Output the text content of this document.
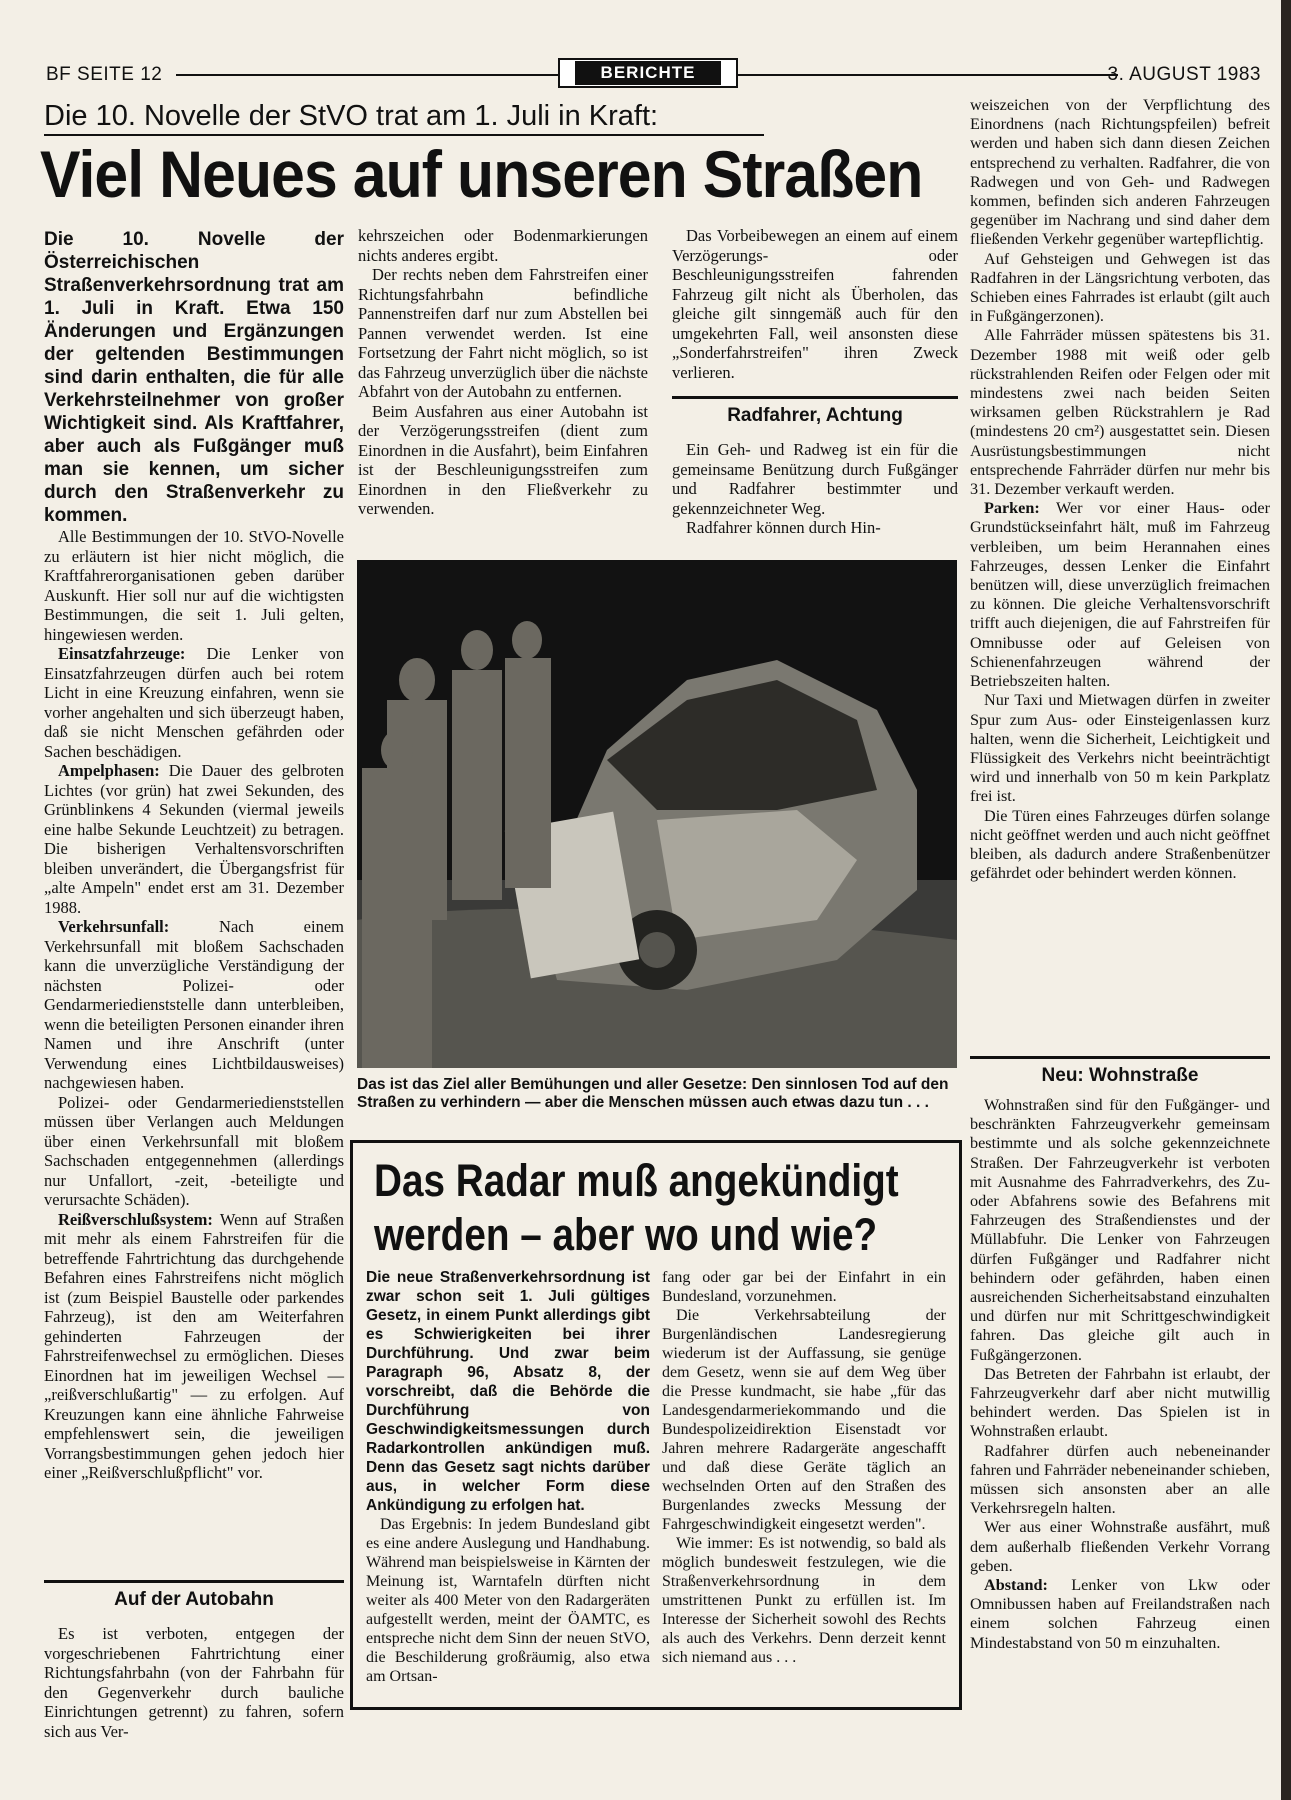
BF SEITE 12	BERICHTE	3. AUGUST 1983
Die 10. Novelle der StVO trat am 1. Juli in Kraft:
Viel Neues auf unseren Straßen
Die 10. Novelle der Österreichischen Straßenverkehrsordnung trat am 1. Juli in Kraft. Etwa 150 Änderungen und Ergänzungen der geltenden Bestimmungen sind darin enthalten, die für alle Verkehrsteilnehmer von großer Wichtigkeit sind. Als Kraftfahrer, aber auch als Fußgänger muß man sie kennen, um sicher durch den Straßenverkehr zu kommen.

Alle Bestimmungen der 10. StVO-Novelle zu erläutern ist hier nicht möglich, die Kraftfahrerorganisationen geben darüber Auskunft. Hier soll nur auf die wichtigsten Bestimmungen, die seit 1. Juli gelten, hingewiesen werden.

Einsatzfahrzeuge: Die Lenker von Einsatzfahrzeugen dürfen auch bei rotem Licht in eine Kreuzung einfahren, wenn sie vorher angehalten und sich überzeugt haben, daß sie nicht Menschen gefährden oder Sachen beschädigen.

Ampelphasen: Die Dauer des gelbroten Lichtes (vor grün) hat zwei Sekunden, des Grünblinkens 4 Sekunden (viermal jeweils eine halbe Sekunde Leuchtzeit) zu betragen. Die bisherigen Verhaltensvorschriften bleiben unverändert, die Übergangsfrist für „alte Ampeln" endet erst am 31. Dezember 1988.

Verkehrsunfall:	Nach einem Verkehrsunfall mit bloßem Sachschaden kann die unverzügliche Verständigung der nächsten Polizei- oder Gendarmeriedienststelle dann unterbleiben, wenn die beteiligten Personen einander ihren Namen und ihre Anschrift (unter Verwendung eines Lichtbildausweises) nachgewiesen haben.

Polizei- oder Gendarmeriedienststellen müssen über Verlangen auch Meldungen über einen Verkehrsunfall mit bloßem Sachschaden entgegennehmen (allerdings nur Unfallort, -zeit, -beteiligte und verursachte Schäden).

Reißverschlußsystem: Wenn auf Straßen mit mehr als einem Fahrstreifen für die betreffende Fahrtrichtung das durchgehende Befahren eines Fahrstreifens nicht möglich ist (zum Beispiel Baustelle oder parkendes Fahrzeug), ist den am Weiterfahren gehinderten Fahrzeugen der Fahrstreifenwechsel zu ermöglichen. Dieses Einordnen hat im jeweiligen Wechsel — „reißverschlußartig" — zu erfolgen. Auf Kreuzungen kann eine ähnliche Fahrweise empfehlenswert sein, die jeweiligen Vorrangsbestimmungen gehen jedoch hier einer „Reißverschlußpflicht" vor.

Auf der Autobahn

Es ist verboten, entgegen der vorgeschriebenen Fahrtrichtung einer Richtungsfahrbahn (von der Fahrbahn für den Gegenverkehr durch bauliche Einrichtungen getrennt) zu fahren, sofern sich aus Ver-

kehrszeichen oder Bodenmarkierungen nichts anderes ergibt.

Der rechts neben dem Fahrstreifen einer Richtungsfahrbahn befindliche Pannenstreifen darf nur zum Abstellen bei Pannen verwendet werden. Ist eine Fortsetzung der Fahrt nicht möglich, so ist das Fahrzeug unverzüglich über die nächste Abfahrt von der Autobahn zu entfernen.

Beim Ausfahren aus einer Autobahn ist der Verzögerungsstreifen (dient zum Einordnen in die Ausfahrt), beim Einfahren ist der Beschleunigungsstreifen zum Einordnen in den Fließverkehr zu verwenden.

Das Vorbeibewegen an einem auf einem Verzögerungs- oder Beschleunigungsstreifen fahrenden Fahrzeug gilt nicht als Überholen, das gleiche gilt sinngemäß auch für den umgekehrten Fall, weil ansonsten diese „Sonderfahrstreifen" ihren Zweck verlieren.

Radfahrer, Achtung

Ein Geh- und Radweg ist ein für die gemeinsame Benützung durch Fußgänger und Radfahrer bestimmter und gekennzeichneter Weg.

Radfahrer können durch Hin-

Das ist das Ziel aller Bemühungen und aller Gesetze: Den sinnlosen Tod auf den Straßen zu verhindern — aber die Menschen müssen auch etwas dazu tun . . .
Das Radar muß angekündigt
werden – aber wo und wie?
Die neue Straßenverkehrsordnung ist zwar schon seit 1. Juli gültiges Gesetz, in einem Punkt allerdings gibt es Schwierigkeiten bei ihrer Durchführung. Und zwar beim Paragraph 96, Absatz 8, der vorschreibt, daß die Behörde die Durchführung von Geschwindigkeitsmessungen durch Radarkontrollen ankündigen muß. Denn das Gesetz sagt nichts darüber aus, in welcher Form diese Ankündigung zu erfolgen hat.

Das Ergebnis: In jedem Bundesland gibt es eine andere Auslegung und Handhabung. Während man beispielsweise in Kärnten der Meinung ist, Warntafeln dürften nicht weiter als 400 Meter von den Radargeräten aufgestellt werden, meint der ÖAMTC, es entspreche nicht dem Sinn der neuen StVO, die Beschilderung großräumig, also etwa am Ortsan-

fang oder gar bei der Einfahrt in ein Bundesland, vorzunehmen.

Die Verkehrsabteilung der Burgenländischen Landesregierung wiederum ist der Auffassung, sie genüge dem Gesetz, wenn sie auf dem Weg über die Presse kundmacht, sie habe „für das Landesgendarmeriekommando und die Bundespolizeidirektion Eisenstadt vor Jahren mehrere Radargeräte angeschafft und daß diese Geräte täglich an wechselnden Orten auf den Straßen des Burgenlandes zwecks Messung der Fahrgeschwindigkeit eingesetzt werden".

Wie immer: Es ist notwendig, so bald als möglich bundesweit festzulegen, wie die Straßenverkehrsordnung in dem umstrittenen Punkt zu erfüllen ist. Im Interesse der Sicherheit sowohl des Rechts als auch des Verkehrs. Denn derzeit kennt sich niemand aus . . .

weiszeichen von der Verpflichtung des Einordnens (nach Richtungspfeilen) befreit werden und haben sich dann diesen Zeichen entsprechend zu verhalten. Radfahrer, die von Radwegen und von Geh- und Radwegen kommen, befinden sich anderen Fahrzeugen gegenüber im Nachrang und sind daher dem fließenden Verkehr gegenüber wartepflichtig.

Auf Gehsteigen und Gehwegen ist das Radfahren in der Längsrichtung verboten, das Schieben eines Fahrrades ist erlaubt (gilt auch in Fußgängerzonen).

Alle Fahrräder müssen spätestens bis 31. Dezember 1988 mit weiß oder gelb rückstrahlenden Reifen oder Felgen oder mit mindestens zwei nach beiden Seiten wirksamen gelben Rückstrahlern je Rad (mindestens 20 cm²) ausgestattet sein. Diesen Ausrüstungsbestimmungen nicht entsprechende Fahrräder dürfen nur mehr bis 31. Dezember verkauft werden.

Parken: Wer vor einer Haus- oder Grundstückseinfahrt hält, muß im Fahrzeug verbleiben, um beim Herannahen eines Fahrzeuges, dessen Lenker die Einfahrt benützen will, diese unverzüglich freimachen zu können. Die gleiche Verhaltensvorschrift trifft auch diejenigen, die auf Fahrstreifen für Omnibusse oder auf Geleisen von Schienenfahrzeugen während der Betriebszeiten halten.

Nur Taxi und Mietwagen dürfen in zweiter Spur zum Aus- oder Einsteigenlassen kurz halten, wenn die Sicherheit, Leichtigkeit und Flüssigkeit des Verkehrs nicht beeinträchtigt wird und innerhalb von 50 m kein Parkplatz frei ist.

Die Türen eines Fahrzeuges dürfen solange nicht geöffnet werden und auch nicht geöffnet bleiben, als dadurch andere Straßenbenützer gefährdet oder behindert werden können.

Neu: Wohnstraße

Wohnstraßen sind für den Fußgänger- und beschränkten Fahrzeugverkehr gemeinsam bestimmte und als solche gekennzeichnete Straßen. Der Fahrzeugverkehr ist verboten mit Ausnahme des Fahrradverkehrs, des Zu- oder Abfahrens sowie des Befahrens mit Fahrzeugen des Straßendienstes und der Müllabfuhr. Die Lenker von Fahrzeugen dürfen Fußgänger und Radfahrer nicht behindern oder gefährden, haben einen ausreichenden Sicherheitsabstand einzuhalten und dürfen nur mit Schrittgeschwindigkeit fahren. Das gleiche gilt auch in Fußgängerzonen.

Das Betreten der Fahrbahn ist erlaubt, der Fahrzeugverkehr darf aber nicht mutwillig behindert werden. Das Spielen ist in Wohnstraßen erlaubt.

Radfahrer dürfen auch nebeneinander fahren und Fahrräder nebeneinander schieben, müssen sich ansonsten aber an alle Verkehrsregeln halten.

Wer aus einer Wohnstraße ausfährt, muß dem außerhalb fließenden Verkehr Vorrang geben.

Abstand: Lenker von Lkw oder Omnibussen haben auf Freilandstraßen nach einem solchen Fahrzeug einen Mindestabstand von 50 m einzuhalten.
